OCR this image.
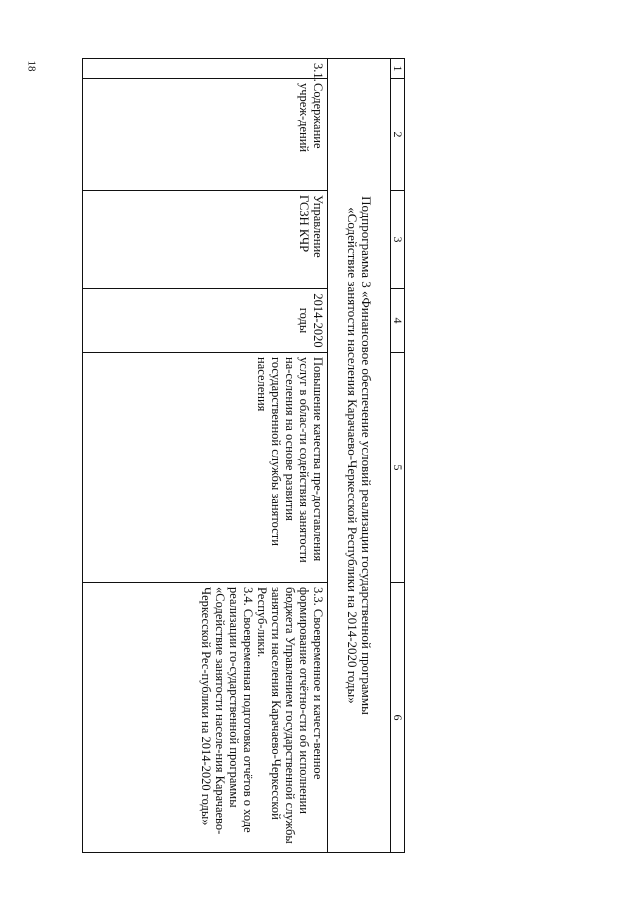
18	1	2	3	4	5	6

Подпрограмма 3 «Финансовое обеспечение условий реализации государственной программы
«Содействие занятости населения Карачаево-Черкесской Республики на 2014-2020 годы»					

3.1.	Содержание учреж-дений	Управление ГСЗН КЧР	2014-2020 годы	Повышение качества пре-доставления услуг в облас-ти содействия занятости на-селения на основе развития государственной службы занятости населения	3.3. Своевременное и качест-венное формирование отчётно-сти об исполнении бюджета Управлением государственной службы занятости населения Карачаево-Черкесской Респуб-лики.
3.4. Своевременная подготовка отчётов о ходе реализации го-сударственной программы «Содействие занятости населе-ния Карачаево-Черкесской Рес-публики на 2014-2020 годы»
